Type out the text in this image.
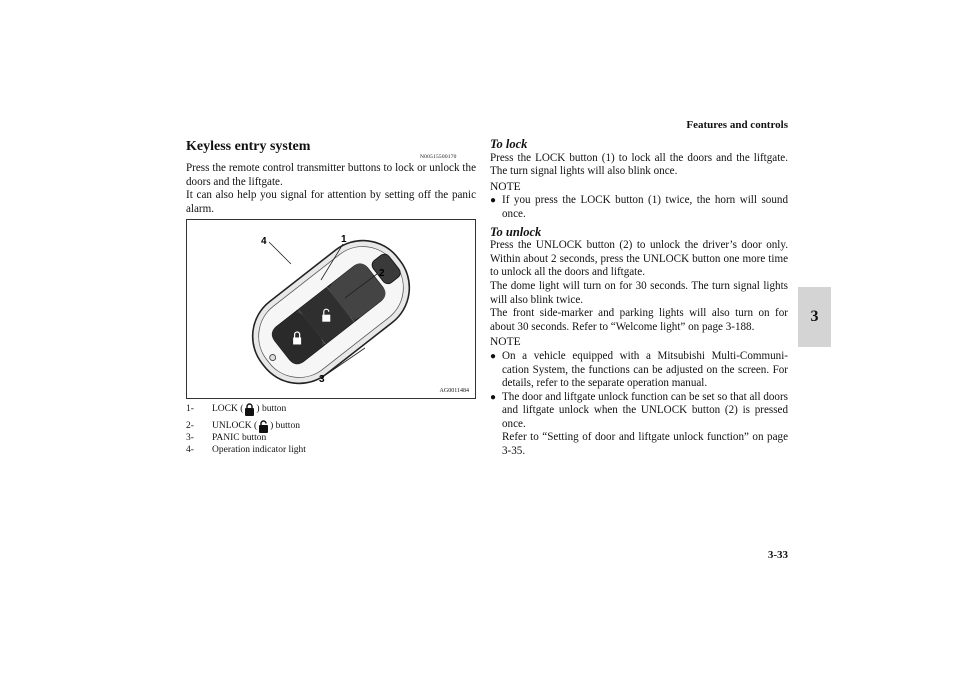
Features and controls
3
3-33
Keyless entry system
N00515500170

Press the remote control transmitter buttons to lock or unlock the doors and the liftgate.

It can also help you signal for attention by setting off the panic alarm.

4	1
2
3
AG0011484
1-	LOCK ( ) button
2-	UNLOCK ( ) button
3-	PANIC button
4-	Operation indicator light
To lock

Press the LOCK button (1) to lock all the doors and the liftgate. The turn signal lights will also blink once.

NOTE
● If you press the LOCK button (1) twice, the horn will sound once.
To unlock

Press the UNLOCK button (2) to unlock the driver’s door only. Within about 2 seconds, press the UNLOCK button one more time to unlock all the doors and liftgate.

The dome light will turn on for 30 seconds. The turn signal lights will also blink twice.

The front side-marker and parking lights will also turn on for about 30 seconds. Refer to “Welcome light” on page 3-188.

NOTE
● On a vehicle equipped with a Mitsubishi Multi-Communi-cation System, the functions can be adjusted on the screen. For details, refer to the separate operation manual.
● The door and liftgate unlock function can be set so that all doors and liftgate unlock when the UNLOCK button (2) is pressed once.
Refer to “Setting of door and liftgate unlock function” on page 3-35.
